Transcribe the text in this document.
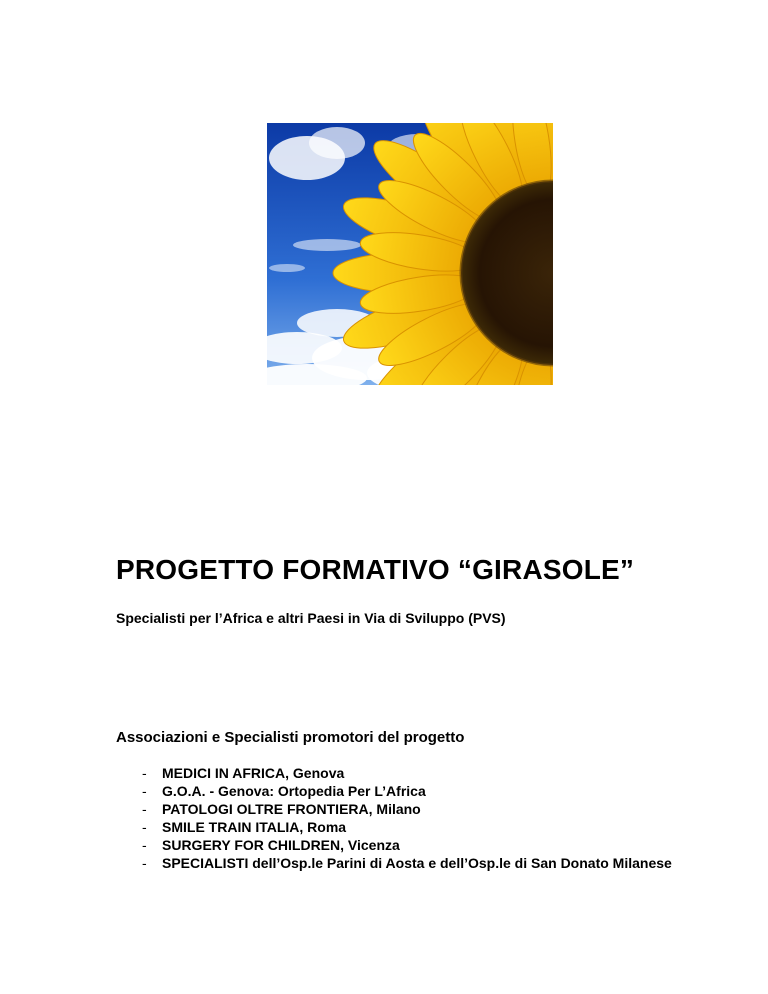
PROGETTO FORMATIVO “GIRASOLE”

Specialisti per l’Africa e altri Paesi in Via di Sviluppo (PVS)

Associazioni e Specialisti promotori del progetto
- MEDICI IN AFRICA, Genova
- G.O.A. - Genova: Ortopedia Per L’Africa
- PATOLOGI OLTRE FRONTIERA, Milano
- SMILE TRAIN ITALIA, Roma
- SURGERY FOR CHILDREN, Vicenza
- SPECIALISTI dell’Osp.le Parini di Aosta e dell’Osp.le di San Donato Milanese
